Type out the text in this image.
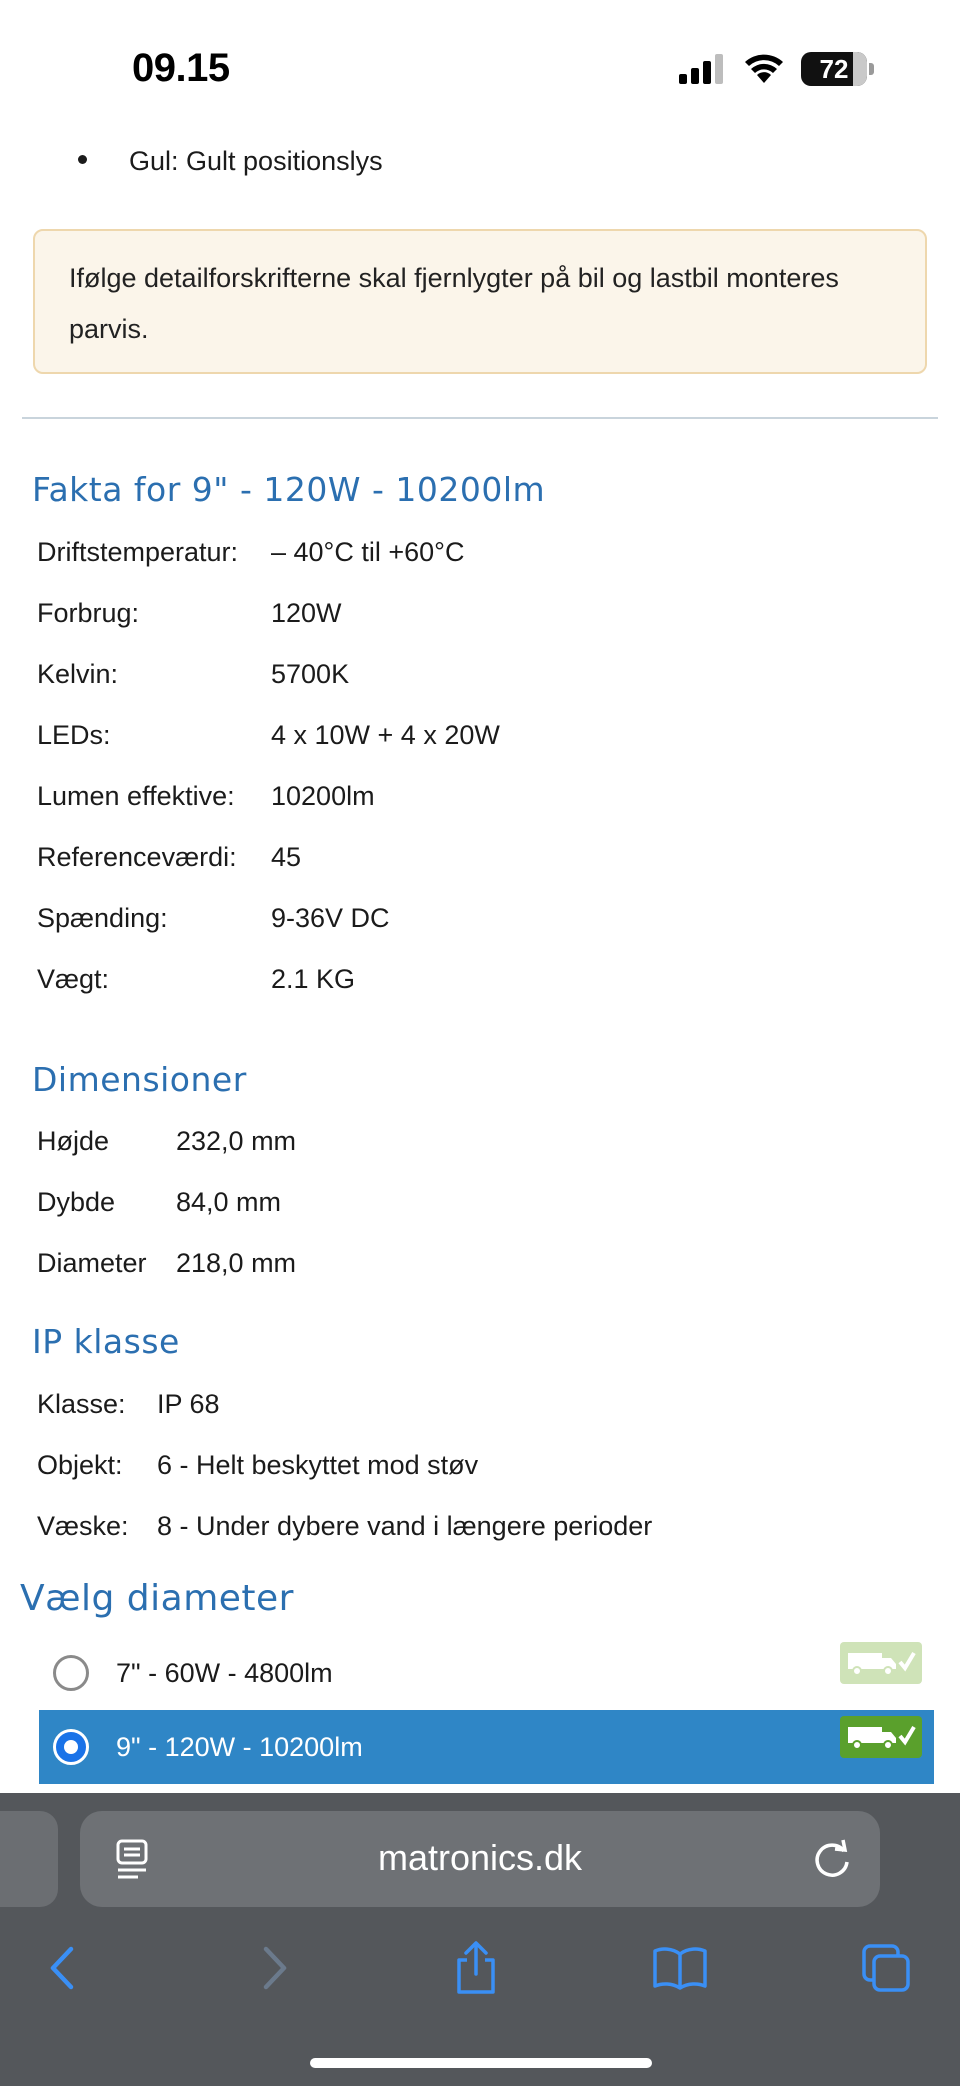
09.15	72
Gul: Gult positionslys
Ifølge detailforskrifterne skal fjernlygter på bil og lastbil monteres parvis.
Fakta for 9" - 120W - 10200lm
Driftstemperatur: – 40°C til +60°C
Forbrug:	120W
Kelvin:	5700K
LEDs:	4 x 10W + 4 x 20W
Lumen effektive: 10200lm
Referenceværdi: 45
Spænding:	9-36V DC
Vægt:	2.1 KG
Dimensioner
Højde 232,0 mm
Dybde 84,0 mm
Diameter 218,0 mm
IP klasse
Klasse: IP 68
Objekt: 6 - Helt beskyttet mod støv
Væske: 8 - Under dybere vand i længere perioder
Vælg diameter
7" - 60W - 4800lm
9" - 120W - 10200lm
matronics.dk
